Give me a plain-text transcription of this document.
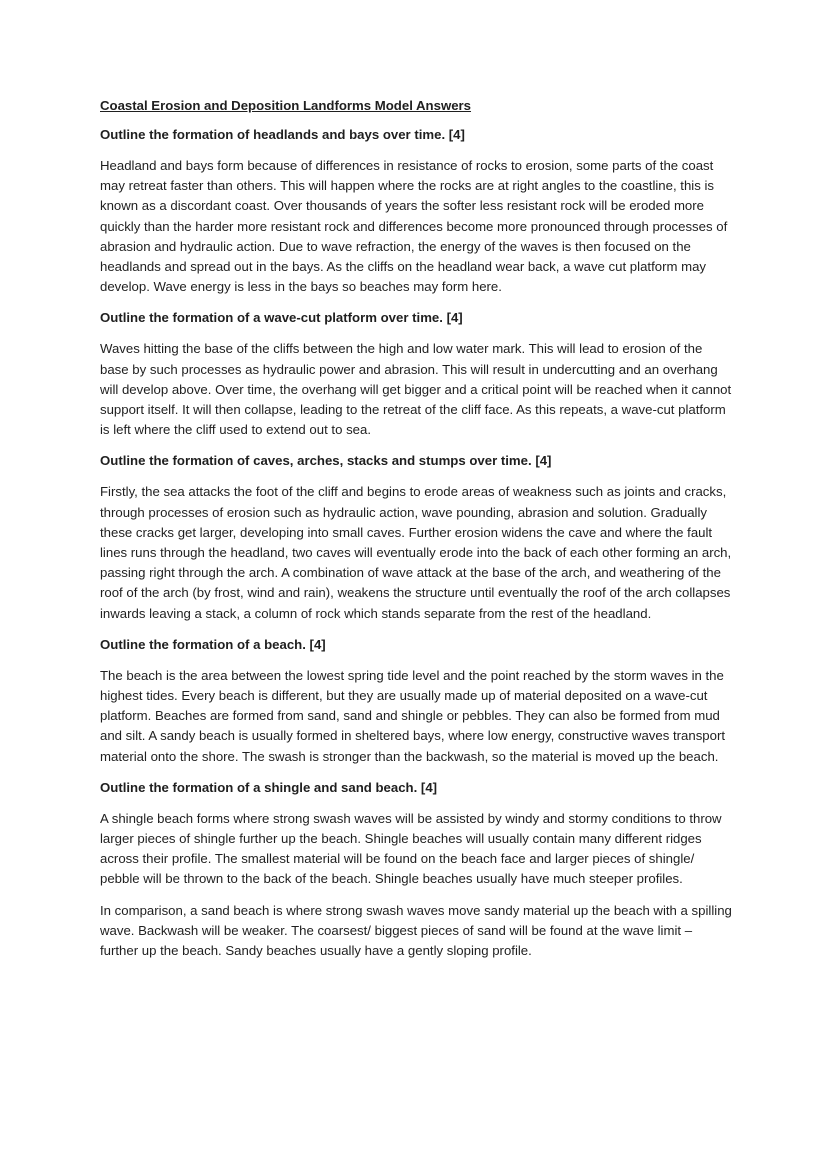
Coastal Erosion and Deposition Landforms Model Answers
Outline the formation of headlands and bays over time. [4]

Headland and bays form because of differences in resistance of rocks to erosion, some parts of the coast may retreat faster than others. This will happen where the rocks are at right angles to the coastline, this is known as a discordant coast. Over thousands of years the softer less resistant rock will be eroded more quickly than the harder more resistant rock and differences become more pronounced through processes of abrasion and hydraulic action. Due to wave refraction, the energy of the waves is then focused on the headlands and spread out in the bays. As the cliffs on the headland wear back, a wave cut platform may develop. Wave energy is less in the bays so beaches may form here.

Outline the formation of a wave-cut platform over time. [4]

Waves hitting the base of the cliffs between the high and low water mark. This will lead to erosion of the base by such processes as hydraulic power and abrasion. This will result in undercutting and an overhang will develop above. Over time, the overhang will get bigger and a critical point will be reached when it cannot support itself. It will then collapse, leading to the retreat of the cliff face. As this repeats, a wave-cut platform is left where the cliff used to extend out to sea.

Outline the formation of caves, arches, stacks and stumps over time. [4]

Firstly, the sea attacks the foot of the cliff and begins to erode areas of weakness such as joints and cracks, through processes of erosion such as hydraulic action, wave pounding, abrasion and solution. Gradually these cracks get larger, developing into small caves. Further erosion widens the cave and where the fault lines runs through the headland, two caves will eventually erode into the back of each other forming an arch, passing right through the arch. A combination of wave attack at the base of the arch, and weathering of the roof of the arch (by frost, wind and rain), weakens the structure until eventually the roof of the arch collapses inwards leaving a stack, a column of rock which stands separate from the rest of the headland.

Outline the formation of a beach. [4]

The beach is the area between the lowest spring tide level and the point reached by the storm waves in the highest tides. Every beach is different, but they are usually made up of material deposited on a wave-cut platform. Beaches are formed from sand, sand and shingle or pebbles. They can also be formed from mud and silt. A sandy beach is usually formed in sheltered bays, where low energy, constructive waves transport material onto the shore. The swash is stronger than the backwash, so the material is moved up the beach.

Outline the formation of a shingle and sand beach. [4]

A shingle beach forms where strong swash waves will be assisted by windy and stormy conditions to throw larger pieces of shingle further up the beach. Shingle beaches will usually contain many different ridges across their profile. The smallest material will be found on the beach face and larger pieces of shingle/ pebble will be thrown to the back of the beach. Shingle beaches usually have much steeper profiles.

In comparison, a sand beach is where strong swash waves move sandy material up the beach with a spilling wave. Backwash will be weaker. The coarsest/ biggest pieces of sand will be found at the wave limit – further up the beach. Sandy beaches usually have a gently sloping profile.
